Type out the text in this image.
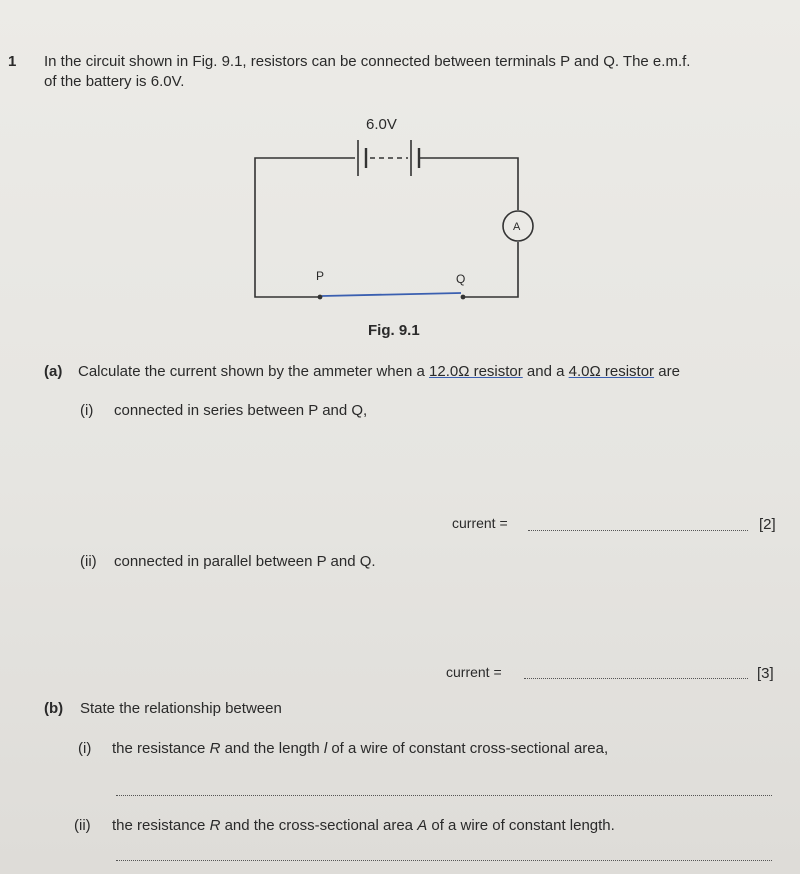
1 In the circuit shown in Fig. 9.1, resistors can be connected between terminals P and Q. The e.m.f.
of the battery is 6.0V.
6.0V
A
P	Q
Fig. 9.1
(a) Calculate the current shown by the ammeter when a 12.0Ω resistor and a 4.0Ω resistor are
(i) connected in series between P and Q,
current =	[2]
(ii) connected in parallel between P and Q.
current =	[3]
(b) State the relationship between
(i) the resistance R and the length l of a wire of constant cross-sectional area,
(ii) the resistance R and the cross-sectional area A of a wire of constant length.
